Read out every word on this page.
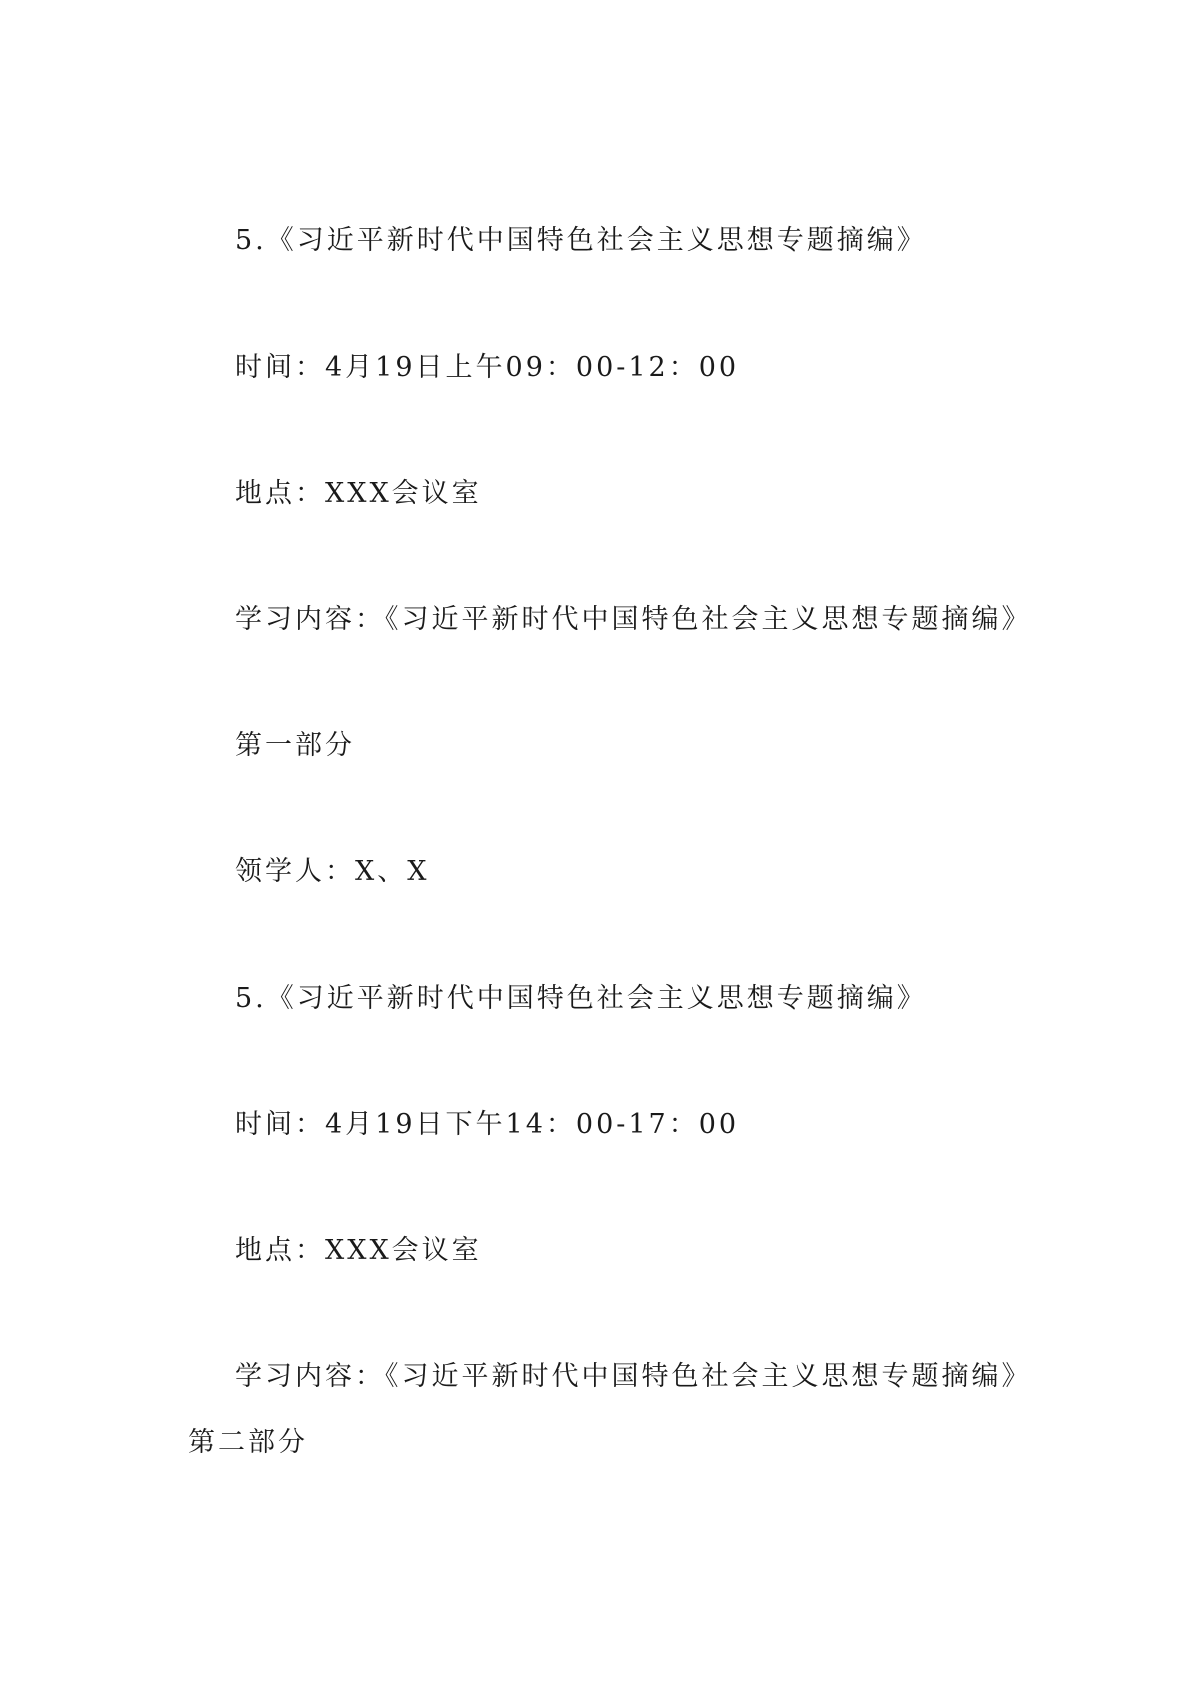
5.《习近平新时代中国特色社会主义思想专题摘编》
时间：4月19日上午09：00-12：00
地点：XXX会议室
学习内容：《习近平新时代中国特色社会主义思想专题摘编》
第一部分
领学人：X、X
5.《习近平新时代中国特色社会主义思想专题摘编》
时间：4月19日下午14：00-17：00
地点：XXX会议室
学习内容：《习近平新时代中国特色社会主义思想专题摘编》第二部分
